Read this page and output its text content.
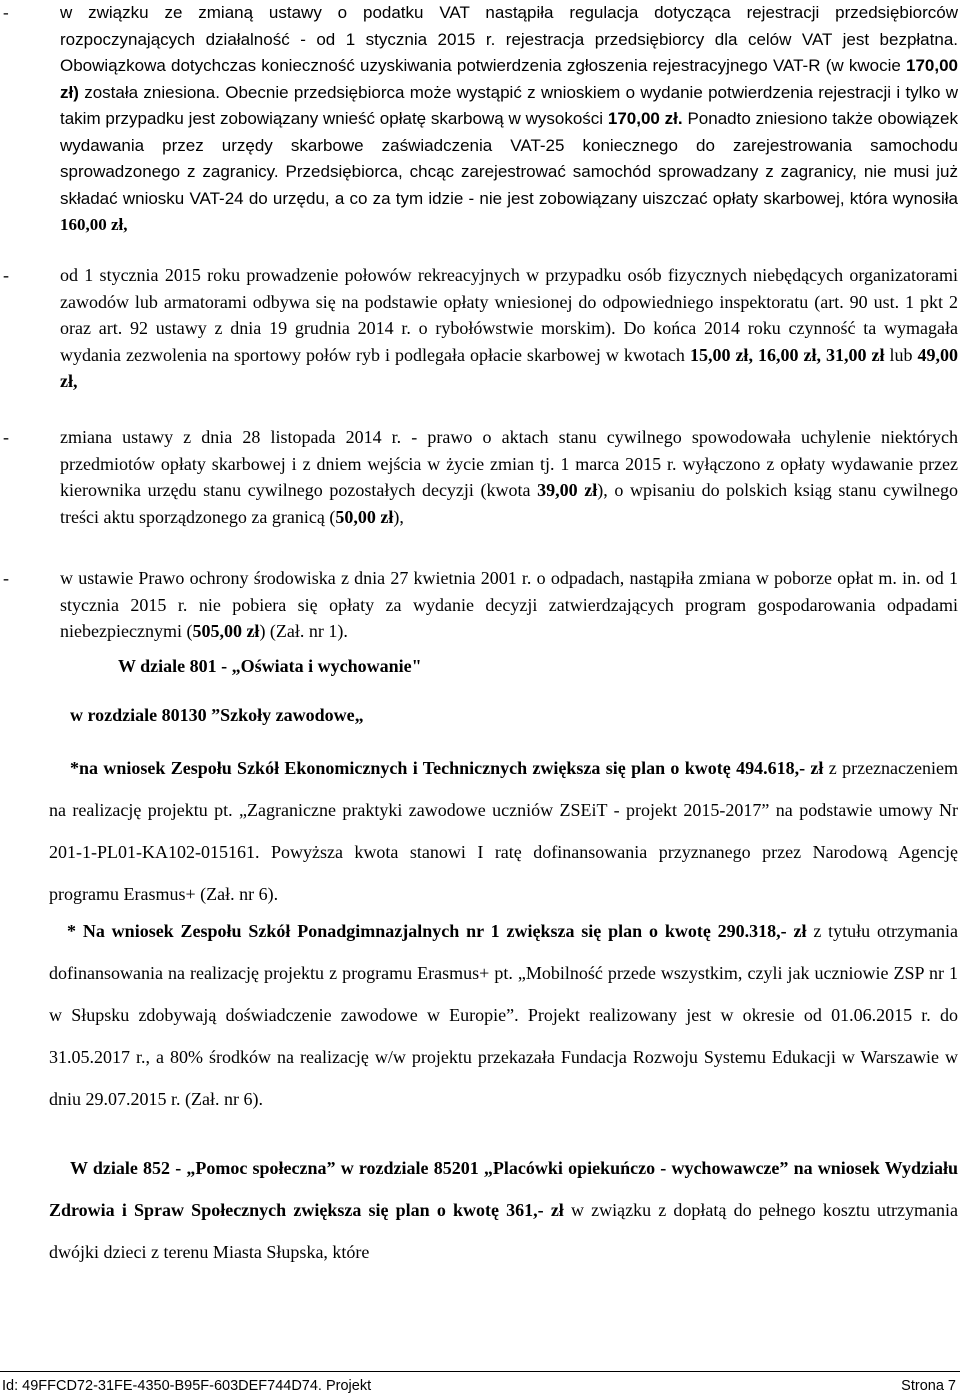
-	w związku ze zmianą ustawy o podatku VAT nastąpiła regulacja dotycząca rejestracji przedsiębiorców rozpoczynających działalność - od 1 stycznia 2015 r. rejestracja przedsiębiorcy dla celów VAT jest bezpłatna. Obowiązkowa dotychczas konieczność uzyskiwania potwierdzenia zgłoszenia rejestracyjnego VAT-R (w kwocie 170,00 zł) została zniesiona. Obecnie przedsiębiorca może wystąpić z wnioskiem o wydanie potwierdzenia rejestracji i tylko w takim przypadku jest zobowiązany wnieść opłatę skarbową w wysokości 170,00 zł. Ponadto zniesiono także obowiązek wydawania przez urzędy skarbowe zaświadczenia VAT-25 koniecznego do zarejestrowania samochodu sprowadzonego z zagranicy. Przedsiębiorca, chcąc zarejestrować samochód sprowadzany z zagranicy, nie musi już składać wniosku VAT-24 do urzędu, a co za tym idzie - nie jest zobowiązany uiszczać opłaty skarbowej, która wynosiła 160,00 zł,
-	od 1 stycznia 2015 roku prowadzenie połowów rekreacyjnych w przypadku osób fizycznych niebędących organizatorami zawodów lub armatorami odbywa się na podstawie opłaty wniesionej do odpowiedniego inspektoratu (art. 90 ust. 1 pkt 2 oraz art. 92 ustawy z dnia 19 grudnia 2014 r. o rybołówstwie morskim). Do końca 2014 roku czynność ta wymagała wydania zezwolenia na sportowy połów ryb i podlegała opłacie skarbowej w kwotach 15,00 zł, 16,00 zł, 31,00 zł lub 49,00 zł,
-	zmiana ustawy z dnia 28 listopada 2014 r. - prawo o aktach stanu cywilnego spowodowała uchylenie niektórych przedmiotów opłaty skarbowej i z dniem wejścia w życie zmian tj. 1 marca 2015 r. wyłączono z opłaty wydawanie przez kierownika urzędu stanu cywilnego pozostałych decyzji (kwota 39,00 zł), o wpisaniu do polskich ksiąg stanu cywilnego treści aktu sporządzonego za granicą (50,00 zł),
-	w ustawie Prawo ochrony środowiska z dnia 27 kwietnia 2001 r. o odpadach, nastąpiła zmiana w poborze opłat m. in. od 1 stycznia 2015 r. nie pobiera się opłaty za wydanie decyzji zatwierdzających program gospodarowania odpadami niebezpiecznymi (505,00 zł) (Zał. nr 1).
W dziale 801 - „Oświata i wychowanie"
w rozdziale 80130 ”Szkoły zawodowe„
*na wniosek Zespołu Szkół Ekonomicznych i Technicznych zwiększa się plan o kwotę 494.618,- zł z przeznaczeniem na realizację projektu pt. „Zagraniczne praktyki zawodowe uczniów ZSEiT - projekt 2015-2017” na podstawie umowy Nr 201-1-PL01-KA102-015161. Powyższa kwota stanowi I ratę dofinansowania przyznanego przez Narodową Agencję programu Erasmus+ (Zał. nr 6).
* Na wniosek Zespołu Szkół Ponadgimnazjalnych nr 1 zwiększa się plan o kwotę 290.318,- zł z tytułu otrzymania dofinansowania na realizację projektu z programu Erasmus+ pt. „Mobilność przede wszystkim, czyli jak uczniowie ZSP nr 1 w Słupsku zdobywają doświadczenie zawodowe w Europie”. Projekt realizowany jest w okresie od 01.06.2015 r. do 31.05.2017 r., a 80% środków na realizację w/w projektu przekazała Fundacja Rozwoju Systemu Edukacji w Warszawie w dniu 29.07.2015 r. (Zał. nr 6).
W dziale 852 - „Pomoc społeczna” w rozdziale 85201 „Placówki opiekuńczo - wychowawcze” na wniosek Wydziału Zdrowia i Spraw Społecznych zwiększa się plan o kwotę 361,- zł w związku z dopłatą do pełnego kosztu utrzymania dwójki dzieci z terenu Miasta Słupska, które
Id: 49FFCD72-31FE-4350-B95F-603DEF744D74. Projekt	Strona 7
